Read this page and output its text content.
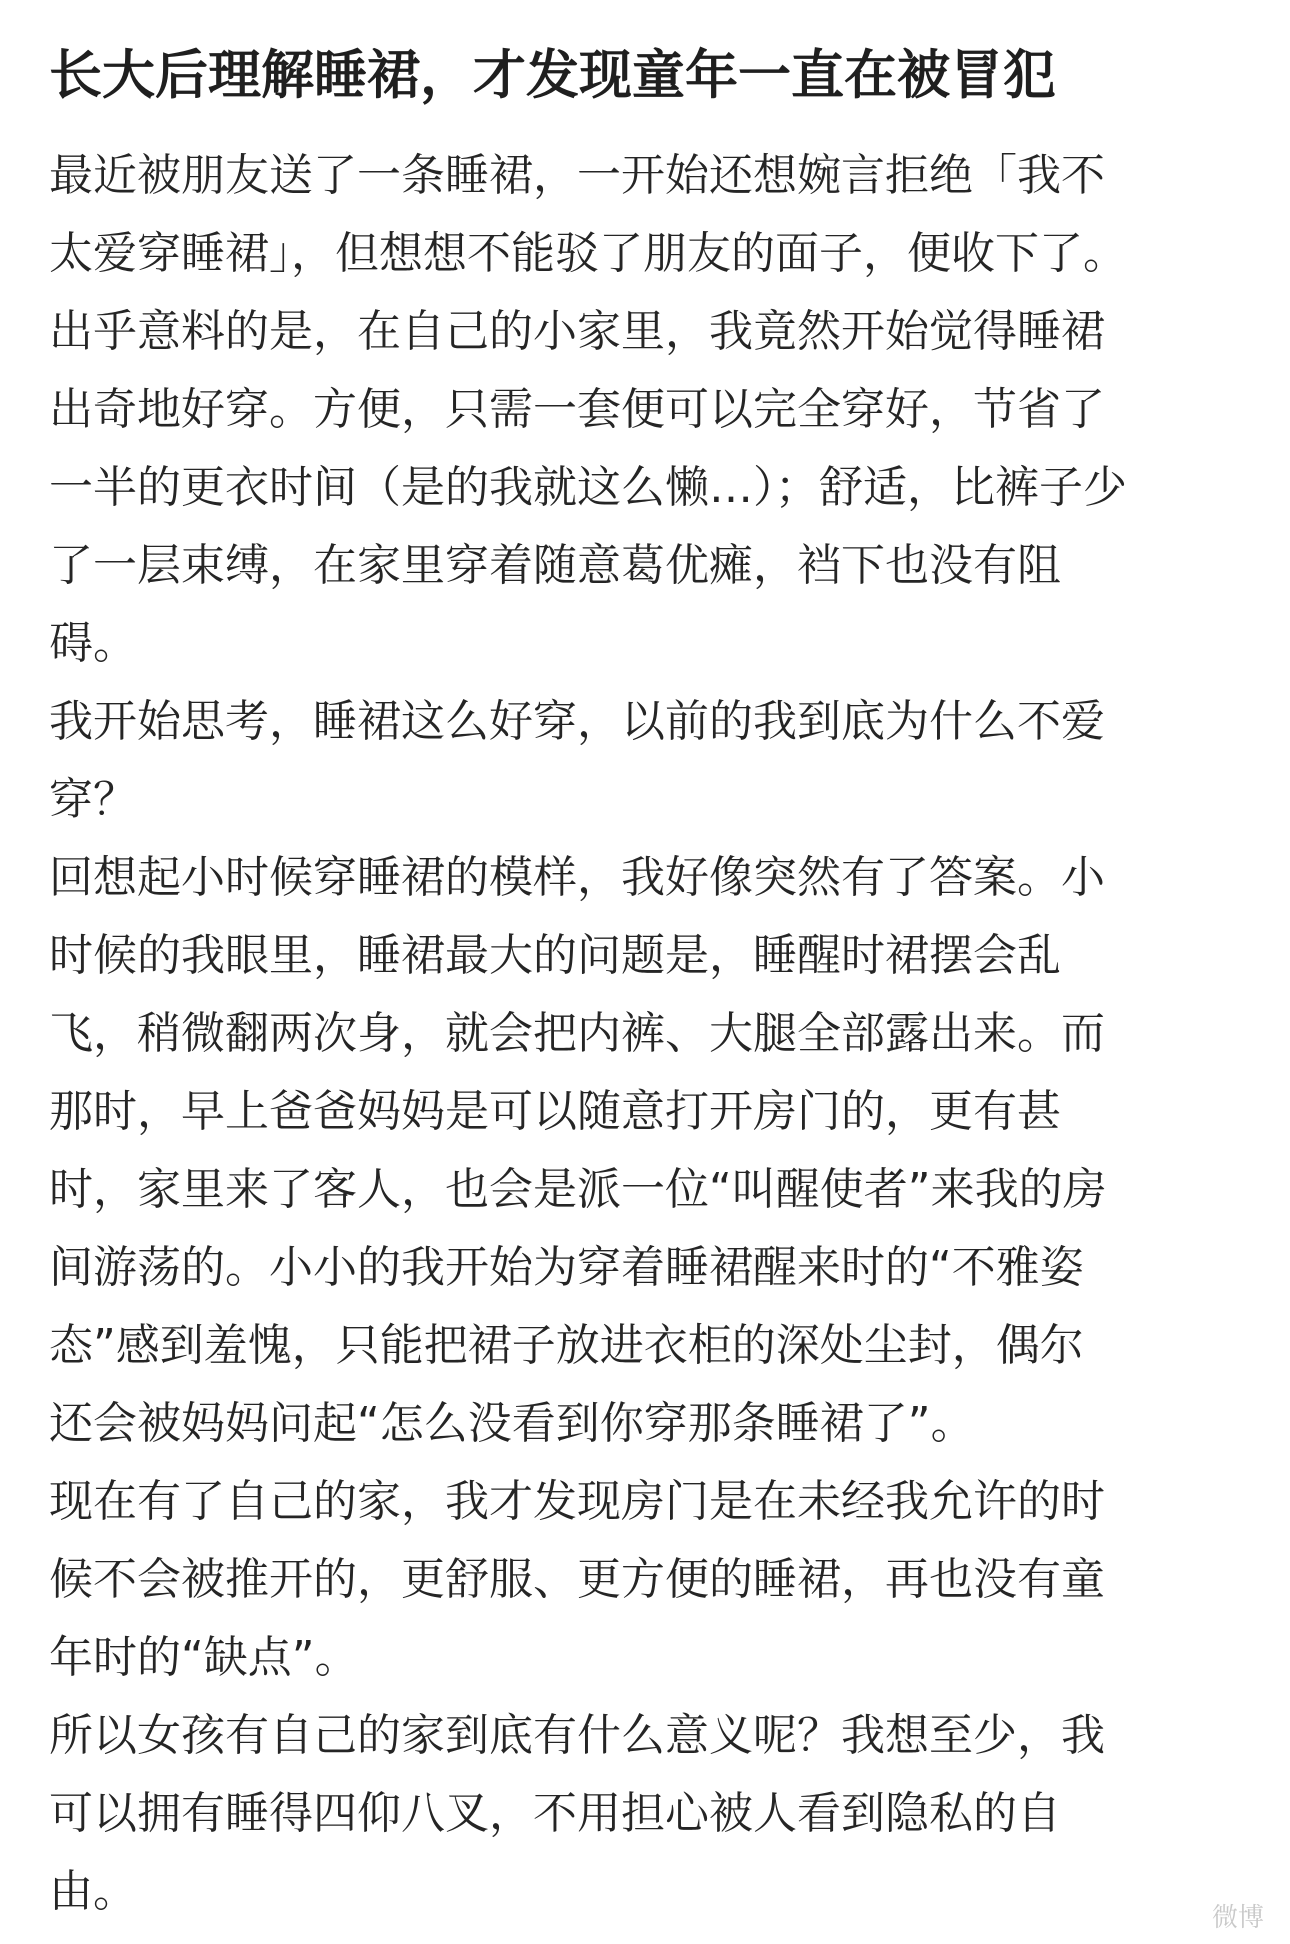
长大后理解睡裙，才发现童年一直在被冒犯
最近被朋友送了一条睡裙，一开始还想婉言拒绝「我不
太爱穿睡裙」，但想想不能驳了朋友的面子，便收下了。
出乎意料的是，在自己的小家里，我竟然开始觉得睡裙
出奇地好穿。方便，只需一套便可以完全穿好，节省了
一半的更衣时间（是的我就这么懒…）；舒适，比裤子少
了一层束缚，在家里穿着随意葛优瘫，裆下也没有阻
碍。
我开始思考，睡裙这么好穿，以前的我到底为什么不爱
穿？
回想起小时候穿睡裙的模样，我好像突然有了答案。小
时候的我眼里，睡裙最大的问题是，睡醒时裙摆会乱
飞，稍微翻两次身，就会把内裤、大腿全部露出来。而
那时，早上爸爸妈妈是可以随意打开房门的，更有甚
时，家里来了客人，也会是派一位“叫醒使者”来我的房
间游荡的。小小的我开始为穿着睡裙醒来时的“不雅姿
态”感到羞愧，只能把裙子放进衣柜的深处尘封，偶尔
还会被妈妈问起“怎么没看到你穿那条睡裙了”。
现在有了自己的家，我才发现房门是在未经我允许的时
候不会被推开的，更舒服、更方便的睡裙，再也没有童
年时的“缺点”。
所以女孩有自己的家到底有什么意义呢？我想至少，我
可以拥有睡得四仰八叉，不用担心被人看到隐私的自
由。	微博
